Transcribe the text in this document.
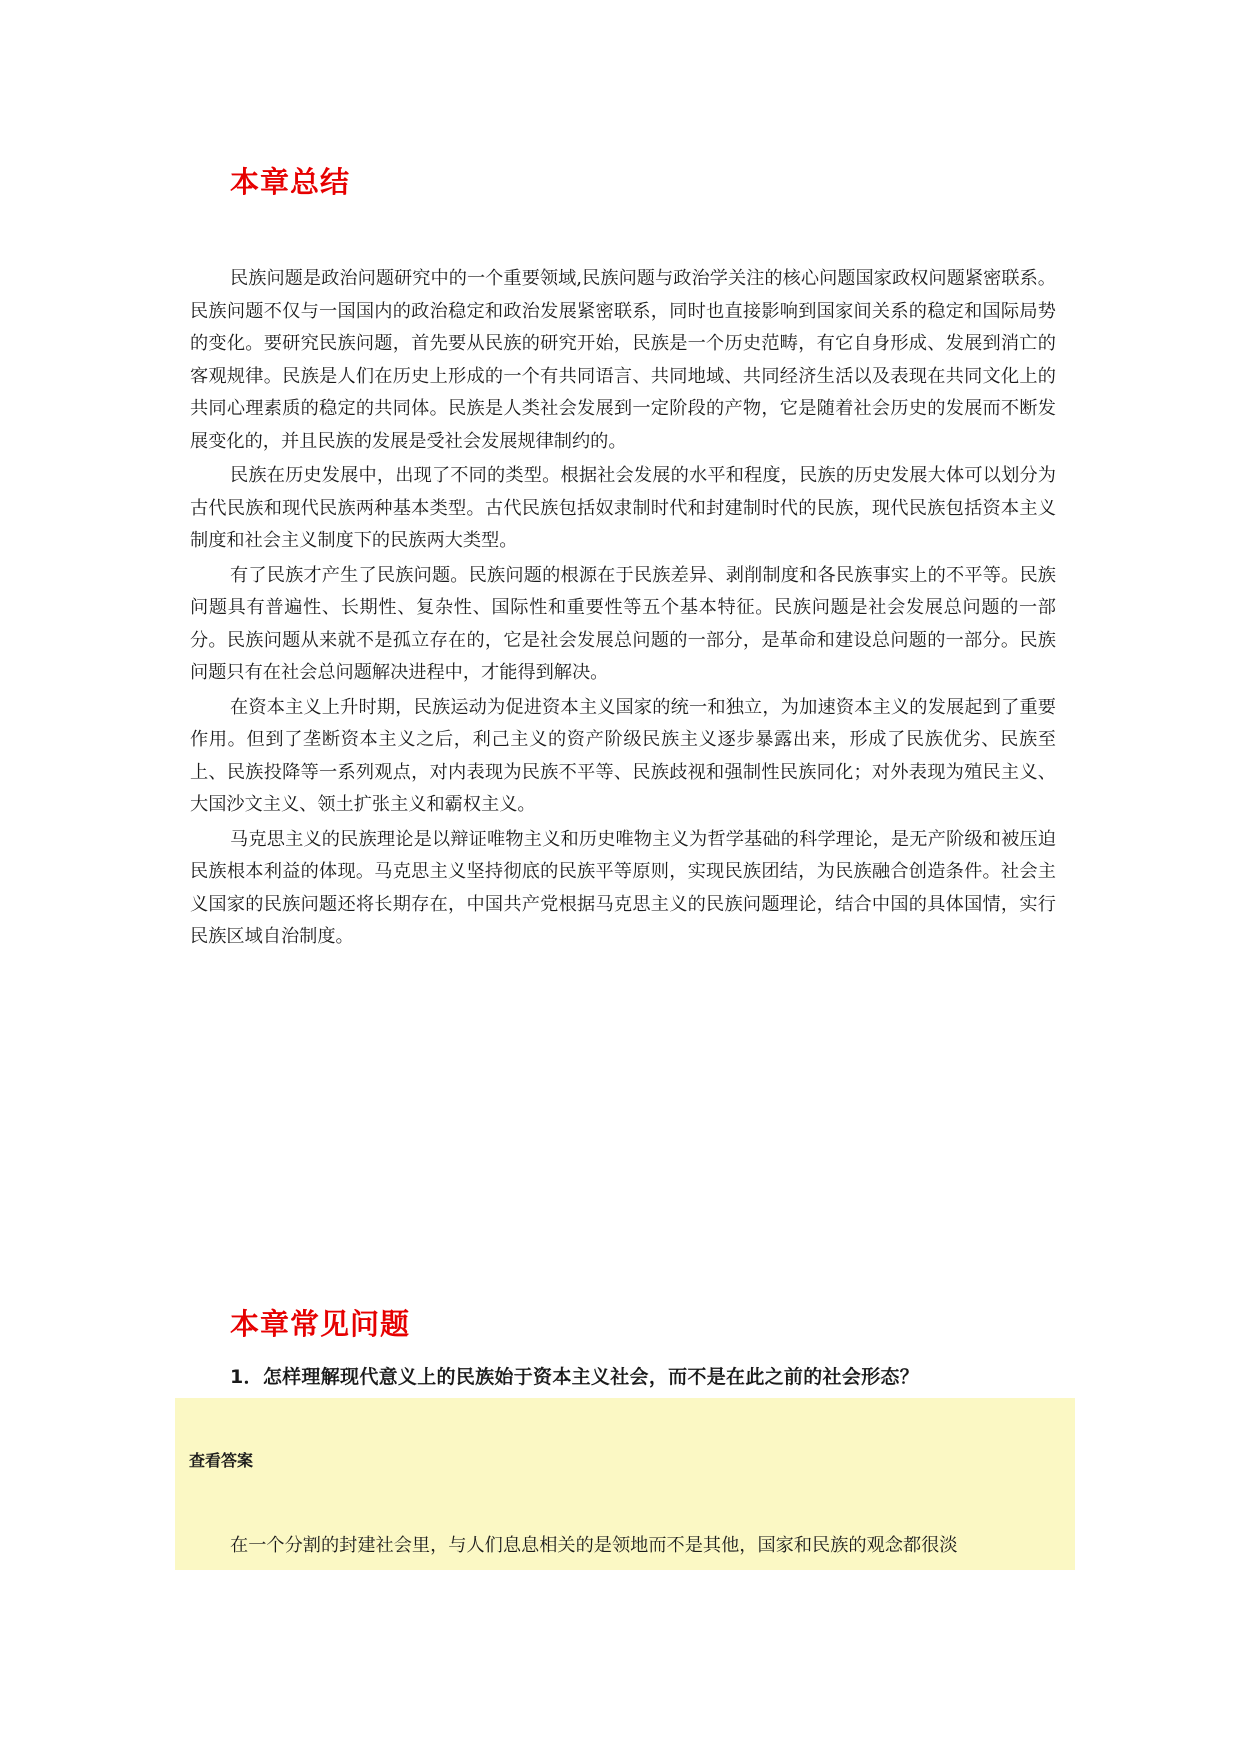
本章总结

民族问题是政治问题研究中的一个重要领域,民族问题与政治学关注的核心问题国家政权问题紧密联系。民族问题不仅与一国国内的政治稳定和政治发展紧密联系，同时也直接影响到国家间关系的稳定和国际局势的变化。要研究民族问题，首先要从民族的研究开始，民族是一个历史范畴，有它自身形成、发展到消亡的客观规律。民族是人们在历史上形成的一个有共同语言、共同地域、共同经济生活以及表现在共同文化上的共同心理素质的稳定的共同体。民族是人类社会发展到一定阶段的产物，它是随着社会历史的发展而不断发展变化的，并且民族的发展是受社会发展规律制约的。

民族在历史发展中，出现了不同的类型。根据社会发展的水平和程度，民族的历史发展大体可以划分为古代民族和现代民族两种基本类型。古代民族包括奴隶制时代和封建制时代的民族，现代民族包括资本主义制度和社会主义制度下的民族两大类型。

有了民族才产生了民族问题。民族问题的根源在于民族差异、剥削制度和各民族事实上的不平等。民族问题具有普遍性、长期性、复杂性、国际性和重要性等五个基本特征。民族问题是社会发展总问题的一部分。民族问题从来就不是孤立存在的，它是社会发展总问题的一部分，是革命和建设总问题的一部分。民族问题只有在社会总问题解决进程中，才能得到解决。

在资本主义上升时期，民族运动为促进资本主义国家的统一和独立，为加速资本主义的发展起到了重要作用。但到了垄断资本主义之后，利己主义的资产阶级民族主义逐步暴露出来，形成了民族优劣、民族至上、民族投降等一系列观点，对内表现为民族不平等、民族歧视和强制性民族同化；对外表现为殖民主义、大国沙文主义、领土扩张主义和霸权主义。

马克思主义的民族理论是以辩证唯物主义和历史唯物主义为哲学基础的科学理论，是无产阶级和被压迫民族根本利益的体现。马克思主义坚持彻底的民族平等原则，实现民族团结，为民族融合创造条件。社会主义国家的民族问题还将长期存在，中国共产党根据马克思主义的民族问题理论，结合中国的具体国情，实行民族区域自治制度。

本章常见问题

1．怎样理解现代意义上的民族始于资本主义社会，而不是在此之前的社会形态？

查看答案

在一个分割的封建社会里，与人们息息相关的是领地而不是其他，国家和民族的观念都很淡
